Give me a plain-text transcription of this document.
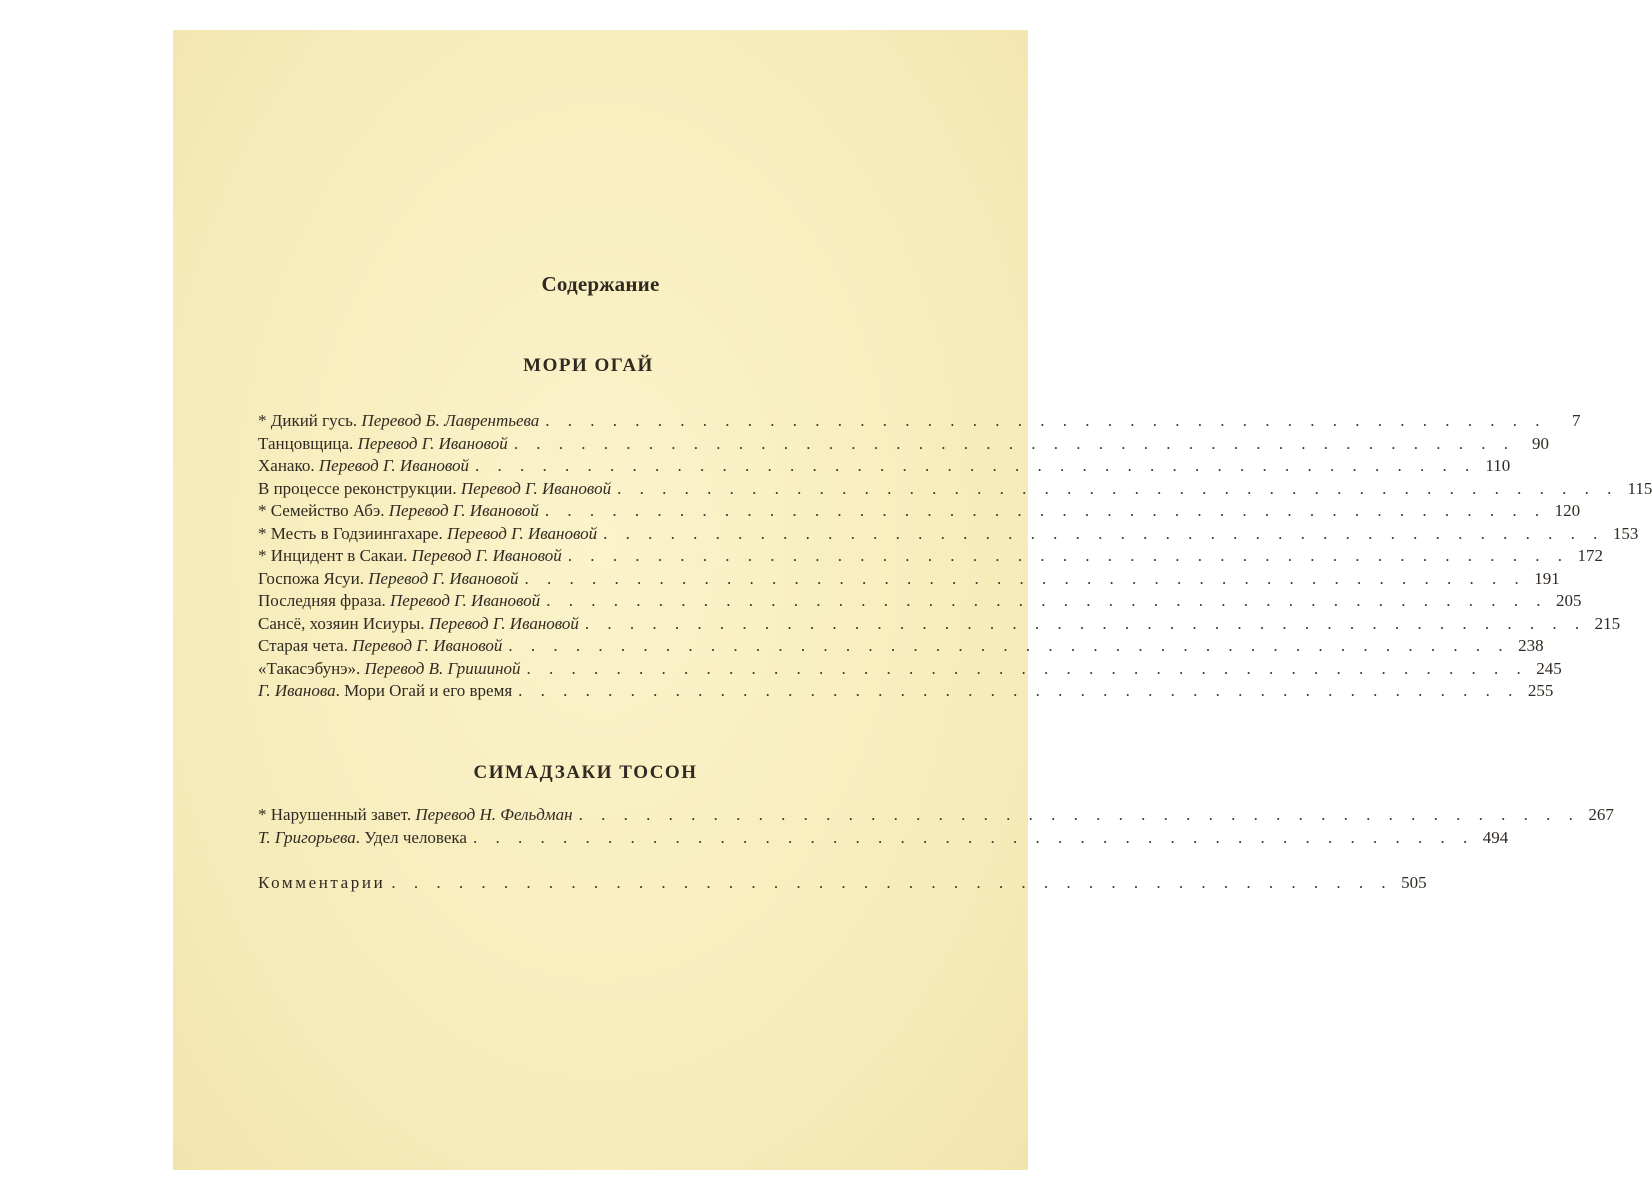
Содержание
МОРИ ОГАЙ
* Дикий гусь. Перевод Б. Лаврентьева . . . . . . . . . . . . . . . . . . . . . . . . . . . . . . . . . . . . . . . . . . . . .	7
Танцовщица. Перевод Г. Ивановой . . . . . . . . . . . . . . . . . . . . . . . . . . . . . . . . . . . . . . . . . . . . .	90
Ханако. Перевод Г. Ивановой . . . . . . . . . . . . . . . . . . . . . . . . . . . . . . . . . . . . . . . . . . . . . 110
В процессе реконструкции. Перевод Г. Ивановой . . . . . . . . . . . . . . . . . . . . . . . . . . . . . . . . . . . . . . . . . . . . . 115
* Семейство Абэ. Перевод Г. Ивановой . . . . . . . . . . . . . . . . . . . . . . . . . . . . . . . . . . . . . . . . . . . . . 120
* Месть в Годзиингахаре. Перевод Г. Ивановой . . . . . . . . . . . . . . . . . . . . . . . . . . . . . . . . . . . . . . . . . . . . . 153
* Инцидент в Сакаи. Перевод Г. Ивановой . . . . . . . . . . . . . . . . . . . . . . . . . . . . . . . . . . . . . . . . . . . . . 172
Госпожа Ясуи. Перевод Г. Ивановой . . . . . . . . . . . . . . . . . . . . . . . . . . . . . . . . . . . . . . . . . . . . . 191
Последняя фраза. Перевод Г. Ивановой . . . . . . . . . . . . . . . . . . . . . . . . . . . . . . . . . . . . . . . . . . . . . 205
Сансё, хозяин Исиуры. Перевод Г. Ивановой . . . . . . . . . . . . . . . . . . . . . . . . . . . . . . . . . . . . . . . . . . . . . 215
Старая чета. Перевод Г. Ивановой . . . . . . . . . . . . . . . . . . . . . . . . . . . . . . . . . . . . . . . . . . . . . 238
«Такасэбунэ». Перевод В. Гришиной . . . . . . . . . . . . . . . . . . . . . . . . . . . . . . . . . . . . . . . . . . . . . 245
Г. Иванова. Мори Огай и его время . . . . . . . . . . . . . . . . . . . . . . . . . . . . . . . . . . . . . . . . . . . . . 255
СИМАДЗАКИ ТОСОН
* Нарушенный завет. Перевод Н. Фельдман . . . . . . . . . . . . . . . . . . . . . . . . . . . . . . . . . . . . . . . . . . . . . 267
Т. Григорьева. Удел человека . . . . . . . . . . . . . . . . . . . . . . . . . . . . . . . . . . . . . . . . . . . . . 494
Комментарии . . . . . . . . . . . . . . . . . . . . . . . . . . . . . . . . . . . . . . . . . . . . . 505
